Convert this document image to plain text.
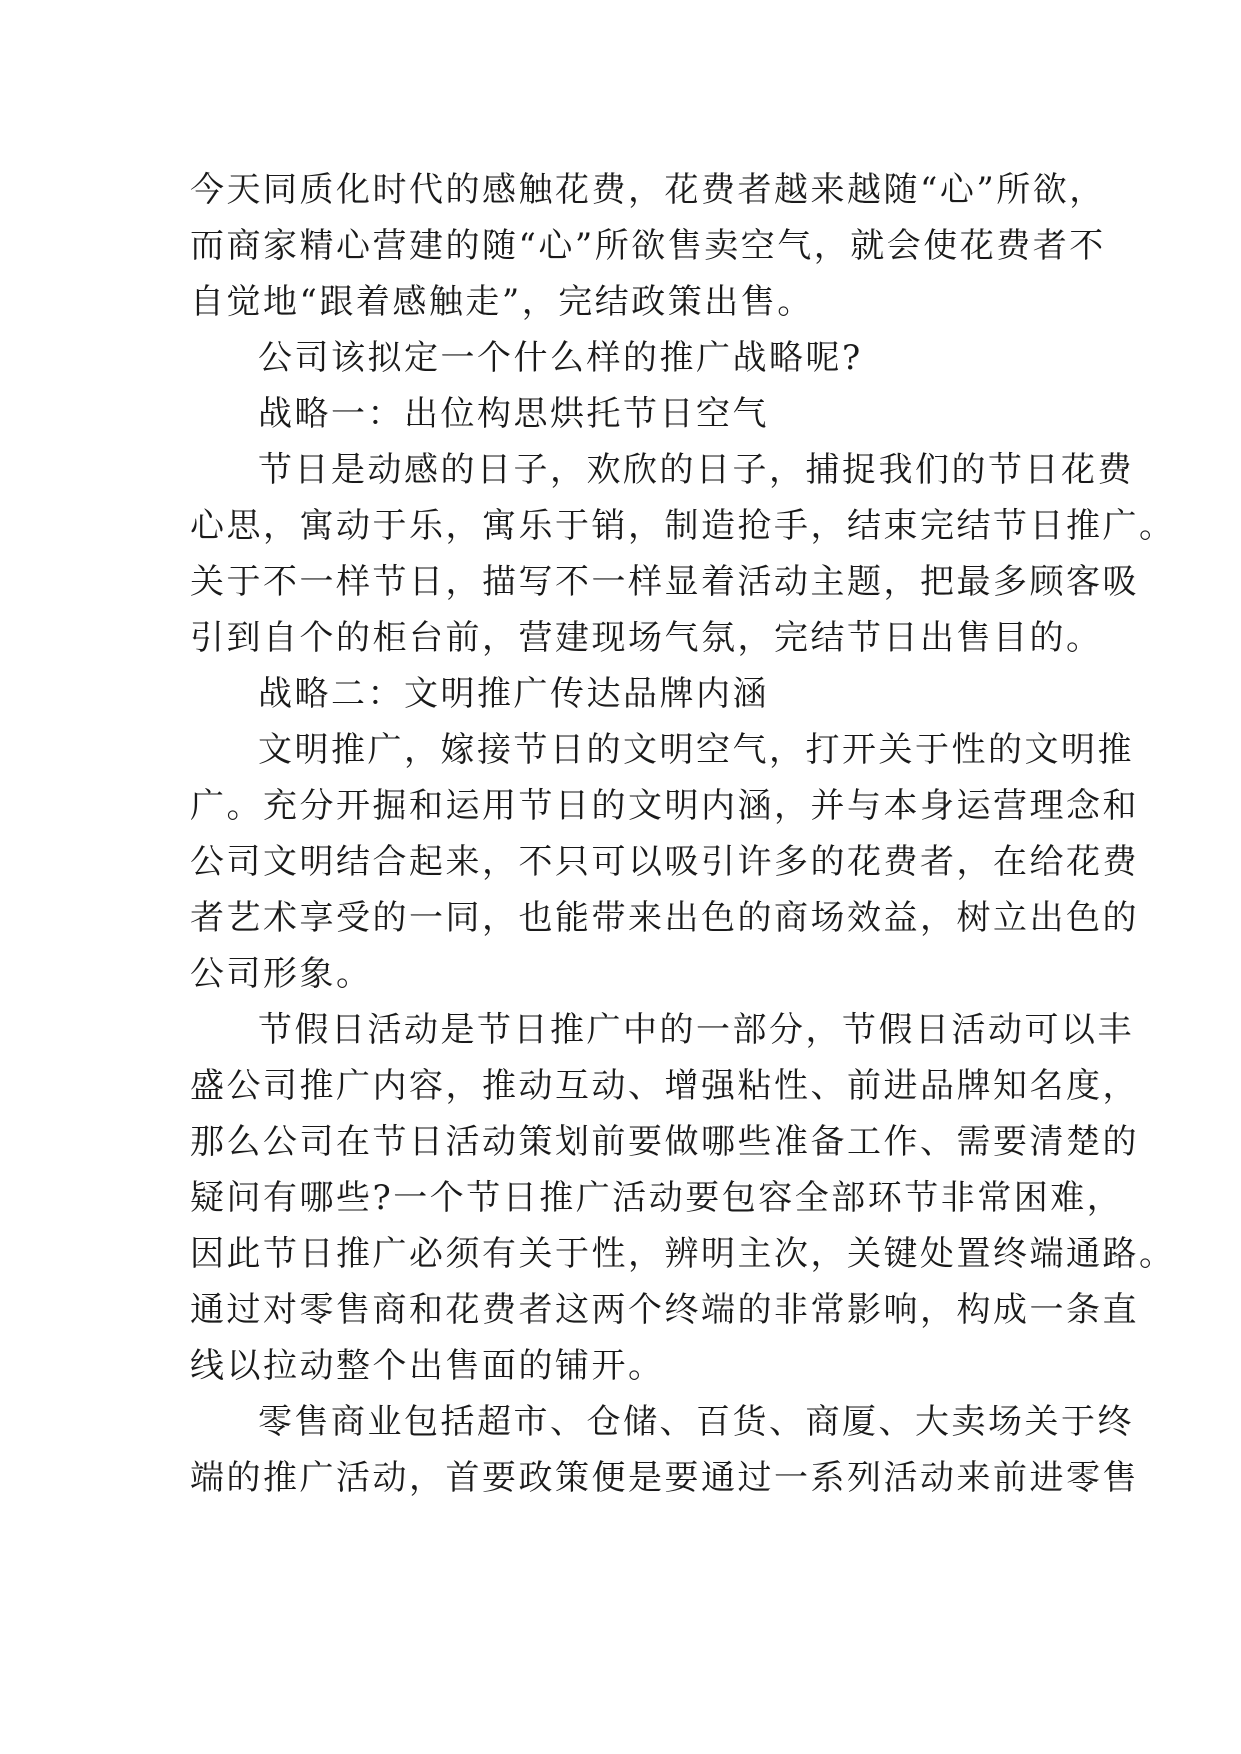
今天同质化时代的感触花费，花费者越来越随“心”所欲，
而商家精心营建的随“心”所欲售卖空气，就会使花费者不
自觉地“跟着感触走”，完结政策出售。

公司该拟定一个什么样的推广战略呢?

战略一：出位构思烘托节日空气

节日是动感的日子，欢欣的日子，捕捉我们的节日花费
心思，寓动于乐，寓乐于销，制造抢手，结束完结节日推广。
关于不一样节日，描写不一样显着活动主题，把最多顾客吸
引到自个的柜台前，营建现场气氛，完结节日出售目的。

战略二：文明推广传达品牌内涵

文明推广，嫁接节日的文明空气，打开关于性的文明推
广。充分开掘和运用节日的文明内涵，并与本身运营理念和
公司文明结合起来，不只可以吸引许多的花费者，在给花费
者艺术享受的一同，也能带来出色的商场效益，树立出色的
公司形象。

节假日活动是节日推广中的一部分，节假日活动可以丰
盛公司推广内容，推动互动、增强粘性、前进品牌知名度，
那么公司在节日活动策划前要做哪些准备工作、需要清楚的
疑问有哪些?一个节日推广活动要包容全部环节非常困难，
因此节日推广必须有关于性，辨明主次，关键处置终端通路。
通过对零售商和花费者这两个终端的非常影响，构成一条直
线以拉动整个出售面的铺开。

零售商业包括超市、仓储、百货、商厦、大卖场关于终
端的推广活动，首要政策便是要通过一系列活动来前进零售
